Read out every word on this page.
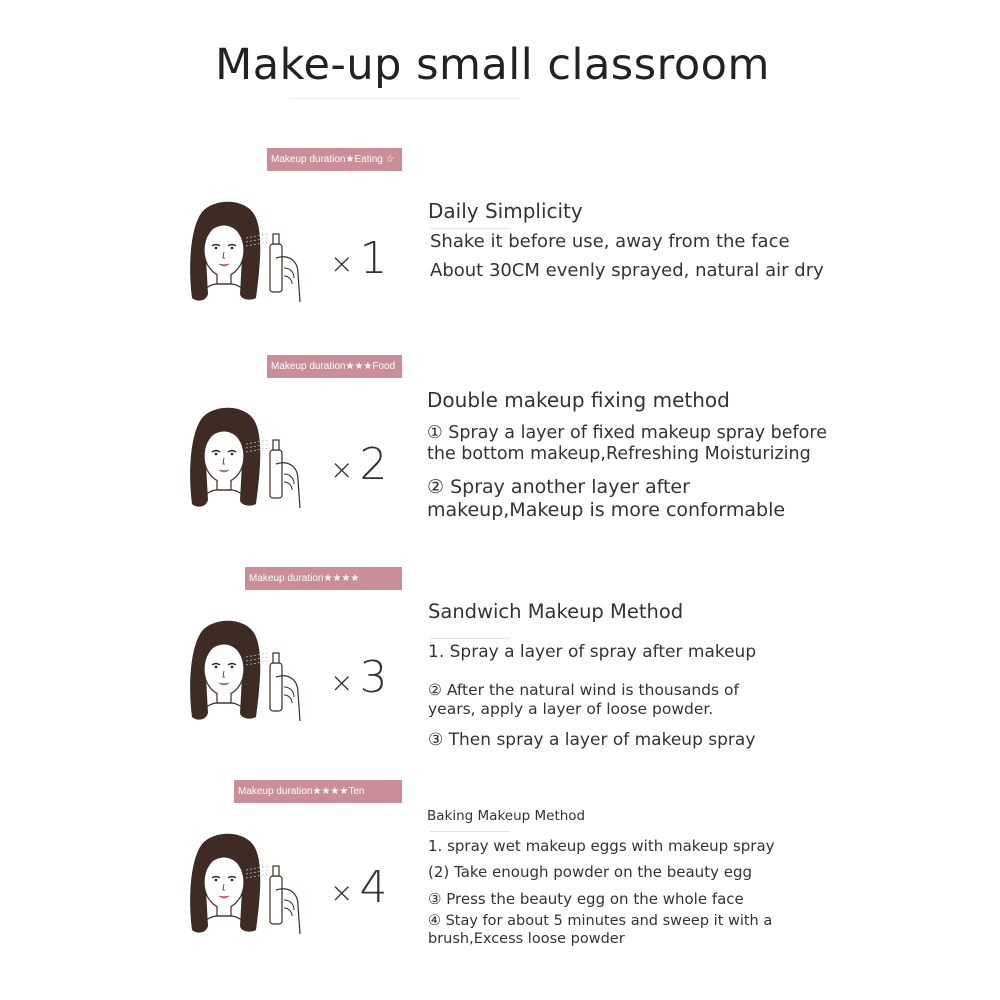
Make-up small classroom
Makeup duration★Eating ☆
× 1
Daily Simplicity
Shake it before use, away from the face
About 30CM evenly sprayed, natural air dry
Makeup duration★★★Food
× 2
Double makeup fixing method
① Spray a layer of fixed makeup spray before
the bottom makeup,Refreshing Moisturizing
② Spray another layer after
makeup,Makeup is more conformable
Makeup duration★★★★
× 3
Sandwich Makeup Method
1. Spray a layer of spray after makeup
② After the natural wind is thousands of
years, apply a layer of loose powder.
③ Then spray a layer of makeup spray
Makeup duration★★★★Ten
× 4
Baking Makeup Method
1. spray wet makeup eggs with makeup spray
(2) Take enough powder on the beauty egg
③ Press the beauty egg on the whole face
④ Stay for about 5 minutes and sweep it with a
brush,Excess loose powder
